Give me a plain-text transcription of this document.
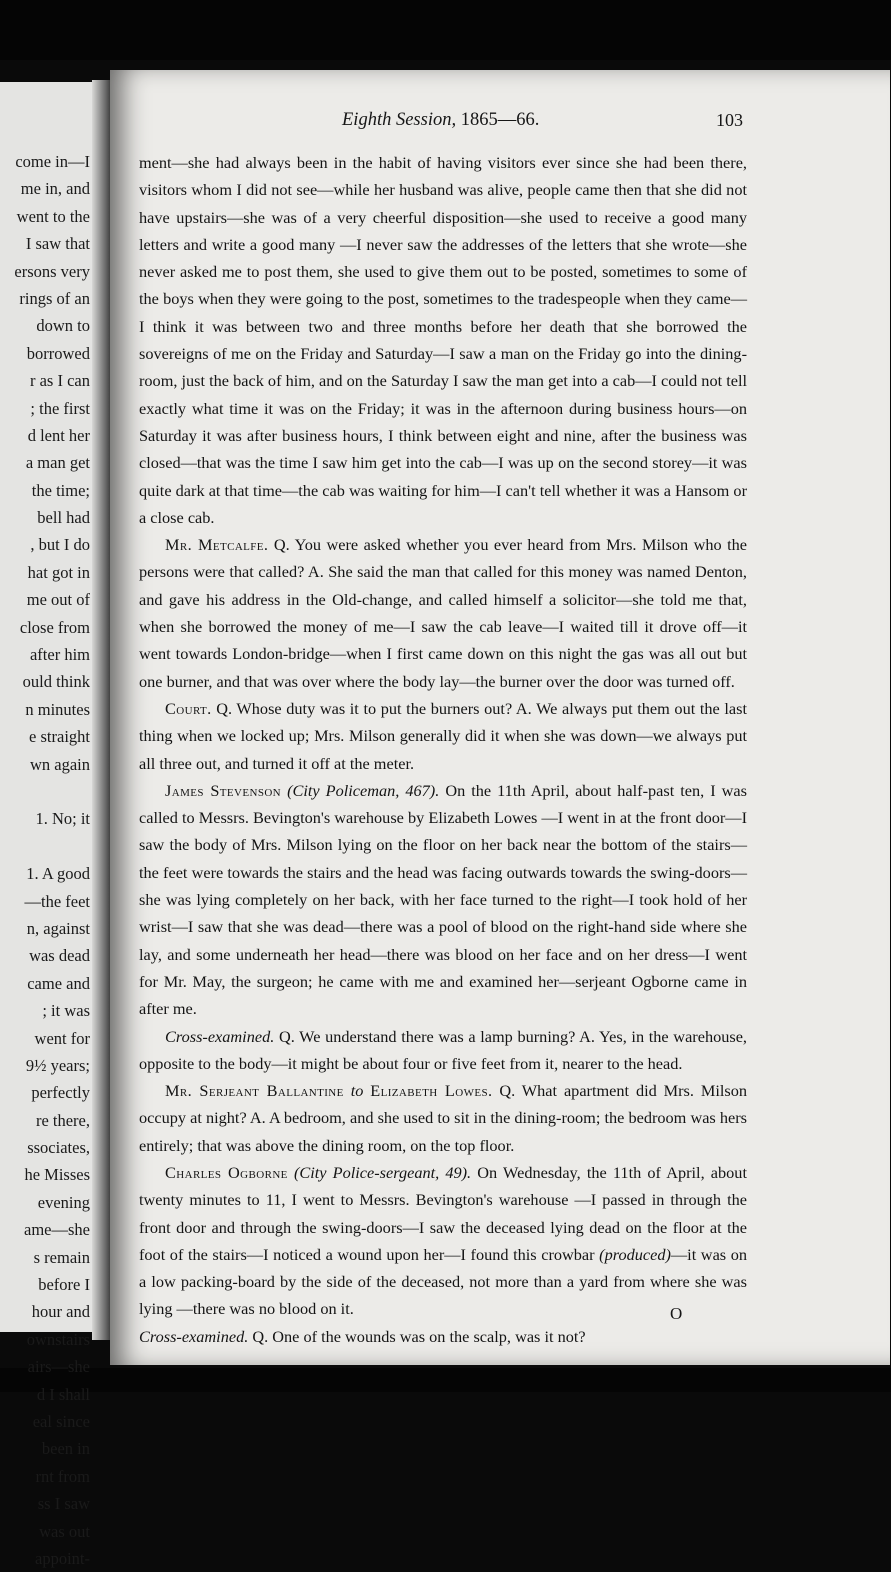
come in—I
me in, and
went to the
I saw that
ersons very
rings of an
down to
borrowed
r as I can
; the first
d lent her
a man get
the time;
bell had
, but I do
hat got in
me out of
close from
after him
ould think
n minutes
e straight
wn again

1. No; it

1. A good
—the feet
n, against
was dead
came and
; it was
went for
9½ years;
perfectly
re there,
ssociates,
he Misses
evening
ame—she
s remain
before I
hour and
ownstairs
airs—she
d I shall
eal since
been in
rnt from
ss I saw
was out
appoint-
Eighth Session, 1865—66.	103

ment—she had always been in the habit of having visitors ever since she had been there, visitors whom I did not see—while her husband was alive, people came then that she did not have upstairs—she was of a very cheerful disposition—she used to receive a good many letters and write a good many —I never saw the addresses of the letters that she wrote—she never asked me to post them, she used to give them out to be posted, sometimes to some of the boys when they were going to the post, sometimes to the tradespeople when they came—I think it was between two and three months before her death that she borrowed the sovereigns of me on the Friday and Saturday—I saw a man on the Friday go into the dining-room, just the back of him, and on the Saturday I saw the man get into a cab—I could not tell exactly what time it was on the Friday; it was in the afternoon during business hours—on Saturday it was after business hours, I think between eight and nine, after the business was closed—that was the time I saw him get into the cab—I was up on the second storey—it was quite dark at that time—the cab was waiting for him—I can't tell whether it was a Hansom or a close cab.

Mr. Metcalfe. Q. You were asked whether you ever heard from Mrs. Milson who the persons were that called? A. She said the man that called for this money was named Denton, and gave his address in the Old-change, and called himself a solicitor—she told me that, when she borrowed the money of me—I saw the cab leave—I waited till it drove off—it went towards London-bridge—when I first came down on this night the gas was all out but one burner, and that was over where the body lay—the burner over the door was turned off.

Court. Q. Whose duty was it to put the burners out? A. We always put them out the last thing when we locked up; Mrs. Milson generally did it when she was down—we always put all three out, and turned it off at the meter.

James Stevenson (City Policeman, 467). On the 11th April, about half-past ten, I was called to Messrs. Bevington's warehouse by Elizabeth Lowes —I went in at the front door—I saw the body of Mrs. Milson lying on the floor on her back near the bottom of the stairs—the feet were towards the stairs and the head was facing outwards towards the swing-doors—she was lying completely on her back, with her face turned to the right—I took hold of her wrist—I saw that she was dead—there was a pool of blood on the right-hand side where she lay, and some underneath her head—there was blood on her face and on her dress—I went for Mr. May, the surgeon; he came with me and examined her—serjeant Ogborne came in after me.

Cross-examined. Q. We understand there was a lamp burning? A. Yes, in the warehouse, opposite to the body—it might be about four or five feet from it, nearer to the head.

Mr. Serjeant Ballantine to Elizabeth Lowes. Q. What apartment did Mrs. Milson occupy at night? A. A bedroom, and she used to sit in the dining-room; the bedroom was hers entirely; that was above the dining room, on the top floor.

Charles Ogborne (City Police-sergeant, 49). On Wednesday, the 11th of April, about twenty minutes to 11, I went to Messrs. Bevington's warehouse —I passed in through the front door and through the swing-doors—I saw the deceased lying dead on the floor at the foot of the stairs—I noticed a wound upon her—I found this crowbar (produced)—it was on a low packing-board by the side of the deceased, not more than a yard from where she was lying —there was no blood on it.

Cross-examined. Q. One of the wounds was on the scalp, was it not?

O
